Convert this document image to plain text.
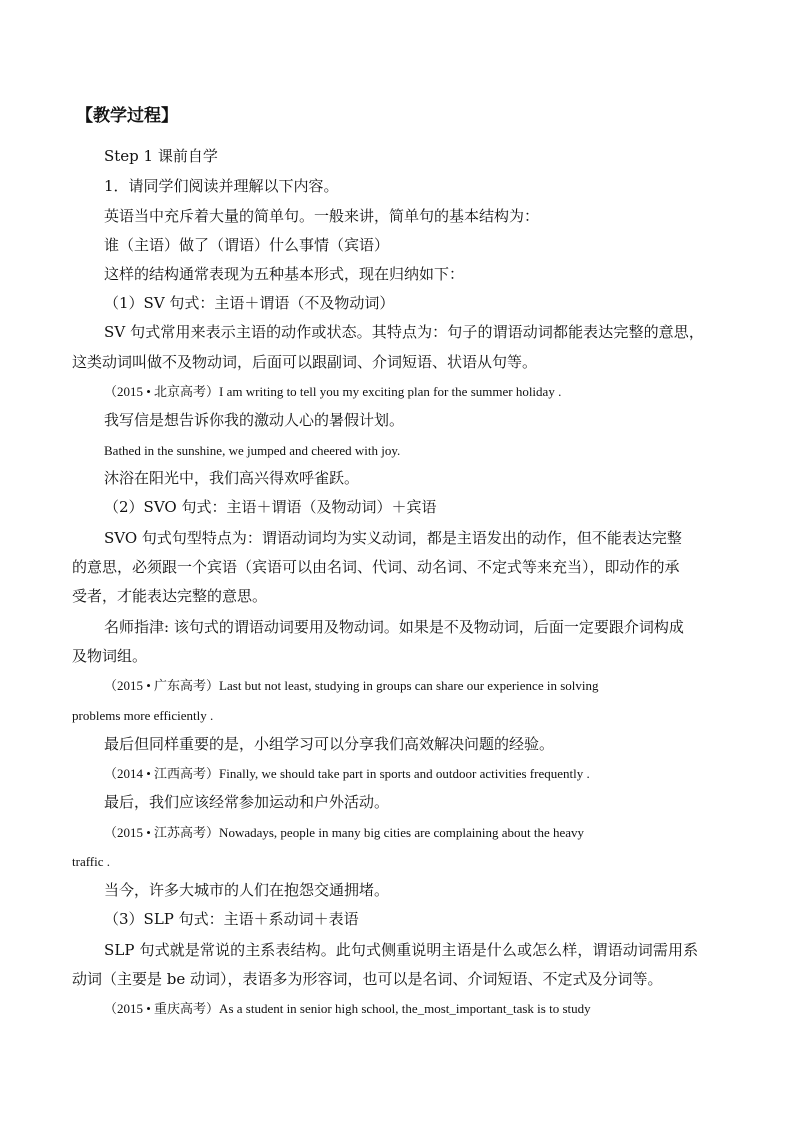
【教学过程】
Step 1 课前自学
1．请同学们阅读并理解以下内容。
英语当中充斥着大量的简单句。一般来讲，简单句的基本结构为：
谁（主语）做了（谓语）什么事情（宾语）
这样的结构通常表现为五种基本形式，现在归纳如下：
（1）SV 句式：主语＋谓语（不及物动词）
SV 句式常用来表示主语的动作或状态。其特点为：句子的谓语动词都能表达完整的意思，
这类动词叫做不及物动词，后面可以跟副词、介词短语、状语从句等。
（2015 • 北京高考）I am writing to tell you my exciting plan for the summer holiday .
我写信是想告诉你我的激动人心的暑假计划。
Bathed in the sunshine, we jumped and cheered with joy.
沐浴在阳光中，我们高兴得欢呼雀跃。
（2）SVO 句式：主语＋谓语（及物动词）＋宾语
SVO 句式句型特点为：谓语动词均为实义动词，都是主语发出的动作，但不能表达完整
的意思，必须跟一个宾语（宾语可以由名词、代词、动名词、不定式等来充当），即动作的承
受者，才能表达完整的意思。
名师指津: 该句式的谓语动词要用及物动词。如果是不及物动词，后面一定要跟介词构成
及物词组。
（2015 • 广东高考）Last but not least, studying in groups can share our experience in solving
problems more efficiently .
最后但同样重要的是，小组学习可以分享我们高效解决问题的经验。
（2014 • 江西高考）Finally, we should take part in sports and outdoor activities frequently .
最后，我们应该经常参加运动和户外活动。
（2015 • 江苏高考）Nowadays, people in many big cities are complaining about the heavy
traffic .
当今，许多大城市的人们在抱怨交通拥堵。
（3）SLP 句式：主语＋系动词＋表语
SLP 句式就是常说的主系表结构。此句式侧重说明主语是什么或怎么样，谓语动词需用系
动词（主要是 be 动词），表语多为形容词，也可以是名词、介词短语、不定式及分词等。
（2015 • 重庆高考）As a student in senior high school, the_most_important_task is to study
